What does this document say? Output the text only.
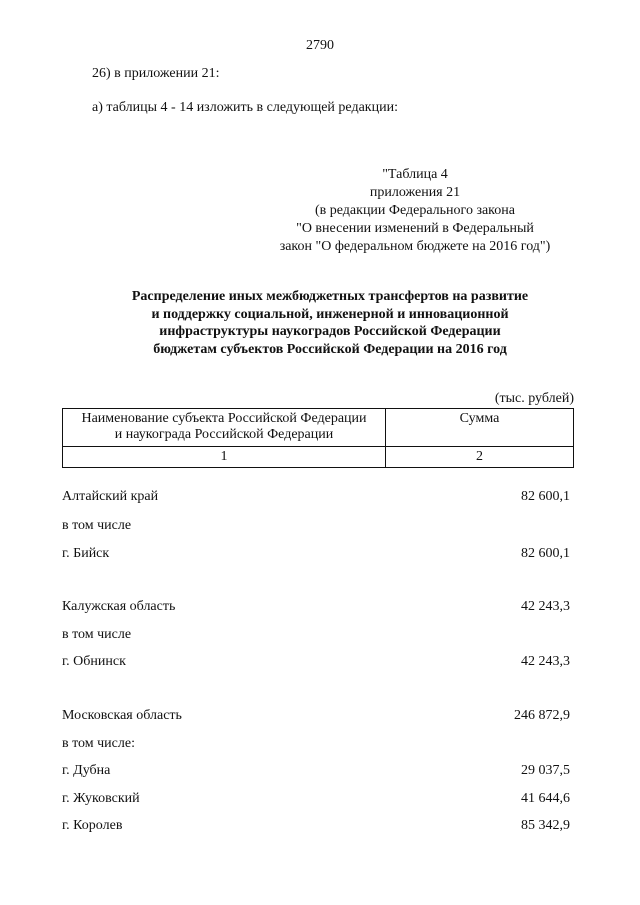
2790
26) в приложении 21:
а) таблицы 4 - 14 изложить в следующей редакции:
"Таблица 4
приложения 21
(в редакции Федерального закона
"О внесении изменений в Федеральный
закон "О федеральном бюджете на 2016 год")
Распределение иных межбюджетных трансфертов на развитие
и поддержку социальной, инженерной и инновационной
инфраструктуры наукоградов Российской Федерации
бюджетам субъектов Российской Федерации на 2016 год
(тыс. рублей)
Наименование субъекта Российской Федерации
и наукограда Российской Федерации	Сумма
1	2
Алтайский край	82 600,1
в том числе
г. Бийск	82 600,1
Калужская область	42 243,3
в том числе
г. Обнинск	42 243,3
Московская область	246 872,9
в том числе:
г. Дубна	29 037,5
г. Жуковский	41 644,6
г. Королев	85 342,9
